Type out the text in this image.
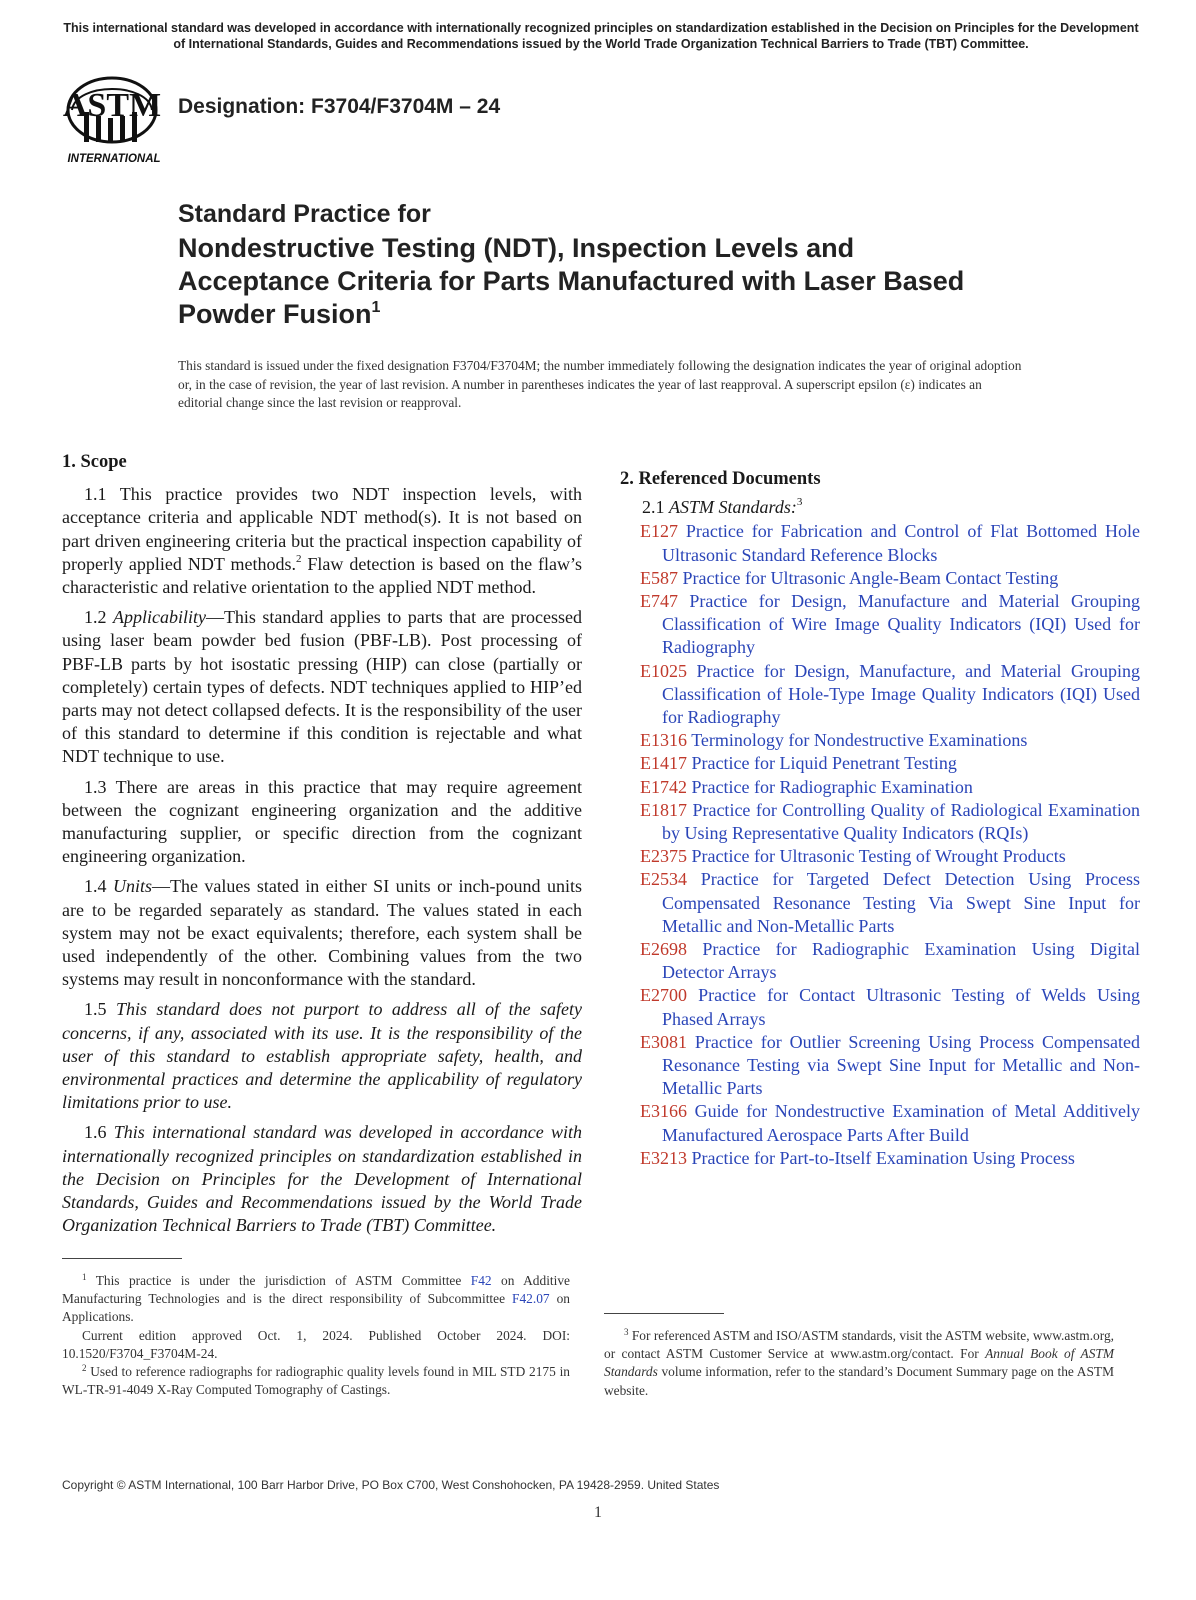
This international standard was developed in accordance with internationally recognized principles on standardization established in the Decision on Principles for the Development of International Standards, Guides and Recommendations issued by the World Trade Organization Technical Barriers to Trade (TBT) Committee.
ASTM
INTERNATIONAL
Designation: F3704/F3704M – 24
Standard Practice for
Nondestructive Testing (NDT), Inspection Levels and Acceptance Criteria for Parts Manufactured with Laser Based Powder Fusion$^1$
This standard is issued under the fixed designation F3704/F3704M; the number immediately following the designation indicates the year of original adoption or, in the case of revision, the year of last revision. A number in parentheses indicates the year of last reapproval. A superscript epsilon (ε) indicates an editorial change since the last revision or reapproval.
1. Scope

1.1 This practice provides two NDT inspection levels, with acceptance criteria and applicable NDT method(s). It is not based on part driven engineering criteria but the practical inspection capability of properly applied NDT methods.$^2$ Flaw detection is based on the flaw’s characteristic and relative orientation to the applied NDT method.

1.2 Applicability—This standard applies to parts that are processed using laser beam powder bed fusion (PBF-LB). Post processing of PBF-LB parts by hot isostatic pressing (HIP) can close (partially or completely) certain types of defects. NDT techniques applied to HIP’ed parts may not detect collapsed defects. It is the responsibility of the user of this standard to determine if this condition is rejectable and what NDT technique to use.

1.3 There are areas in this practice that may require agreement between the cognizant engineering organization and the additive manufacturing supplier, or specific direction from the cognizant engineering organization.

1.4 Units—The values stated in either SI units or inch-pound units are to be regarded separately as standard. The values stated in each system may not be exact equivalents; therefore, each system shall be used independently of the other. Combining values from the two systems may result in nonconformance with the standard.

1.5 This standard does not purport to address all of the safety concerns, if any, associated with its use. It is the responsibility of the user of this standard to establish appropriate safety, health, and environmental practices and determine the applicability of regulatory limitations prior to use.

1.6 This international standard was developed in accordance with internationally recognized principles on standardization established in the Decision on Principles for the Development of International Standards, Guides and Recommendations issued by the World Trade Organization Technical Barriers to Trade (TBT) Committee.

2. Referenced Documents
2.1 ASTM Standards:$^3$
E127 Practice for Fabrication and Control of Flat Bottomed Hole Ultrasonic Standard Reference Blocks
E587 Practice for Ultrasonic Angle-Beam Contact Testing
E747 Practice for Design, Manufacture and Material Grouping Classification of Wire Image Quality Indicators (IQI) Used for Radiography
E1025 Practice for Design, Manufacture, and Material Grouping Classification of Hole-Type Image Quality Indicators (IQI) Used for Radiography
E1316 Terminology for Nondestructive Examinations
E1417 Practice for Liquid Penetrant Testing
E1742 Practice for Radiographic Examination
E1817 Practice for Controlling Quality of Radiological Examination by Using Representative Quality Indicators (RQIs)
E2375 Practice for Ultrasonic Testing of Wrought Products
E2534 Practice for Targeted Defect Detection Using Process Compensated Resonance Testing Via Swept Sine Input for Metallic and Non-Metallic Parts
E2698 Practice for Radiographic Examination Using Digital Detector Arrays
E2700 Practice for Contact Ultrasonic Testing of Welds Using Phased Arrays
E3081 Practice for Outlier Screening Using Process Compensated Resonance Testing via Swept Sine Input for Metallic and Non-Metallic Parts
E3166 Guide for Nondestructive Examination of Metal Additively Manufactured Aerospace Parts After Build
E3213 Practice for Part-to-Itself Examination Using Process

$^1$ This practice is under the jurisdiction of ASTM Committee F42 on Additive Manufacturing Technologies and is the direct responsibility of Subcommittee F42.07 on Applications.

Current edition approved Oct. 1, 2024. Published October 2024. DOI: 10.1520/F3704_F3704M-24.

$^2$ Used to reference radiographs for radiographic quality levels found in MIL STD 2175 in WL-TR-91-4049 X-Ray Computed Tomography of Castings.

$^3$ For referenced ASTM and ISO/ASTM standards, visit the ASTM website, www.astm.org, or contact ASTM Customer Service at www.astm.org/contact. For Annual Book of ASTM Standards volume information, refer to the standard’s Document Summary page on the ASTM website.

Copyright © ASTM International, 100 Barr Harbor Drive, PO Box C700, West Conshohocken, PA 19428-2959. United States
1
